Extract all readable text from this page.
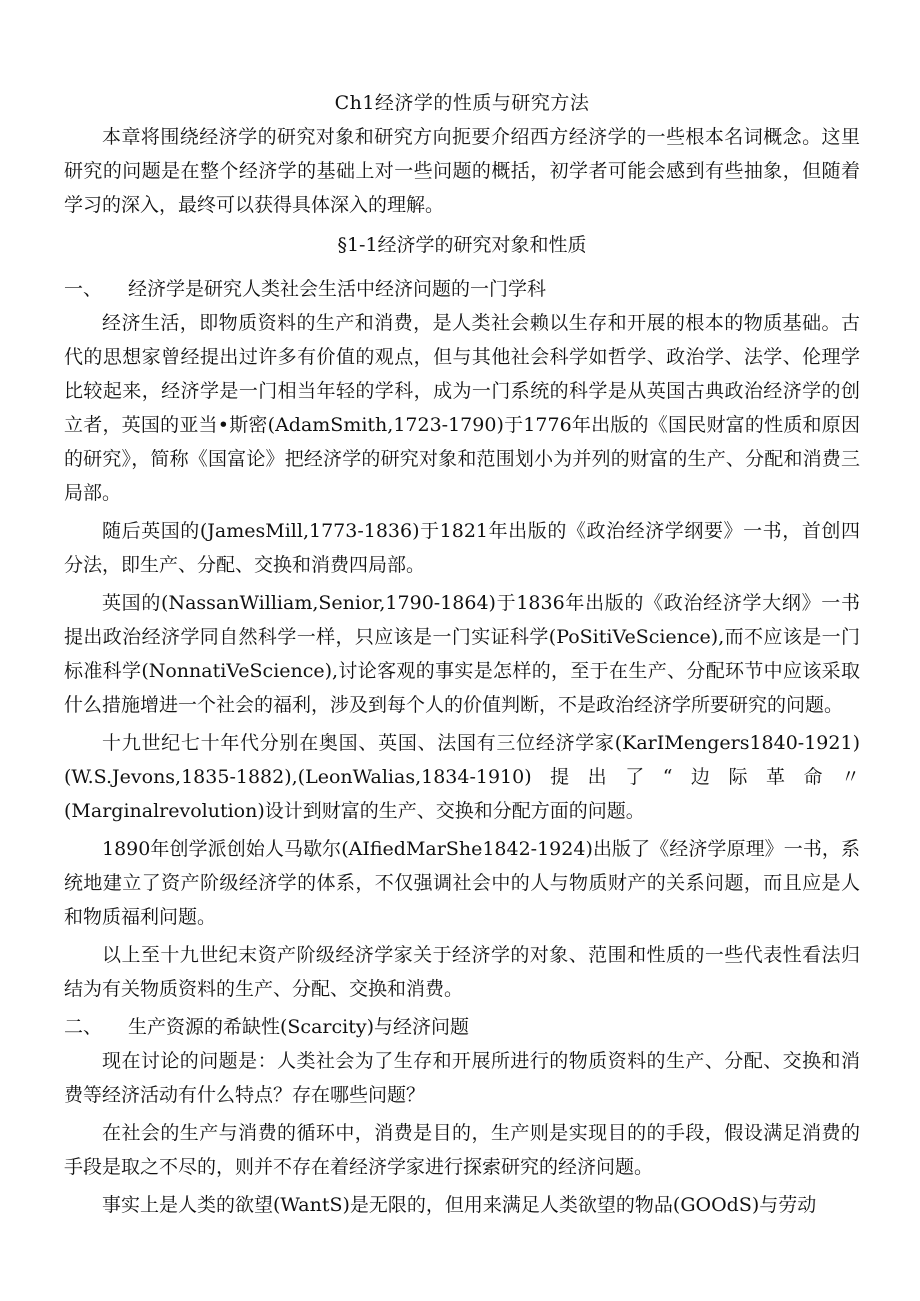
Ch1经济学的性质与研究方法

本章将围绕经济学的研究对象和研究方向扼要介绍西方经济学的一些根本名词概念。这里研究的问题是在整个经济学的基础上对一些问题的概括，初学者可能会感到有些抽象，但随着学习的深入，最终可以获得具体深入的理解。

§1-1经济学的研究对象和性质
一、	经济学是研究人类社会生活中经济问题的一门学科

经济生活，即物质资料的生产和消费，是人类社会赖以生存和开展的根本的物质基础。古代的思想家曾经提出过许多有价值的观点，但与其他社会科学如哲学、政治学、法学、伦理学比较起来，经济学是一门相当年轻的学科，成为一门系统的科学是从英国古典政治经济学的创立者，英国的亚当•斯密(AdamSmith,1723-1790)于1776年出版的《国民财富的性质和原因的研究》，简称《国富论》把经济学的研究对象和范围划小为并列的财富的生产、分配和消费三局部。

随后英国的(JamesMill,1773-1836)于1821年出版的《政治经济学纲要》一书，首创四分法，即生产、分配、交换和消费四局部。

英国的(NassanWilliam,Senior,1790-1864)于1836年出版的《政治经济学大纲》一书提出政治经济学同自然科学一样，只应该是一门实证科学(PoSitiVeScience),而不应该是一门标准科学(NonnatiVeScience),讨论客观的事实是怎样的，至于在生产、分配环节中应该采取什么措施增进一个社会的福利，涉及到每个人的价值判断，不是政治经济学所要研究的问题。

十九世纪七十年代分别在奥国、英国、法国有三位经济学家(KarIMengers1840-1921)(W.S.Jevons,1835-1882),(LeonWalias,1834-1910)提出了“边际革命〃(Marginalrevolution)设计到财富的生产、交换和分配方面的问题。

1890年创学派创始人马歇尔(AIfiedMarShe1842-1924)出版了《经济学原理》一书，系统地建立了资产阶级经济学的体系，不仅强调社会中的人与物质财产的关系问题，而且应是人和物质福利问题。

以上至十九世纪末资产阶级经济学家关于经济学的对象、范围和性质的一些代表性看法归结为有关物质资料的生产、分配、交换和消费。

二、	生产资源的希缺性(Scarcity)与经济问题

现在讨论的问题是：人类社会为了生存和开展所进行的物质资料的生产、分配、交换和消费等经济活动有什么特点？存在哪些问题？

在社会的生产与消费的循环中，消费是目的，生产则是实现目的的手段，假设满足消费的手段是取之不尽的，则并不存在着经济学家进行探索研究的经济问题。

事实上是人类的欲望(WantS)是无限的，但用来满足人类欲望的物品(GOOdS)与劳动
